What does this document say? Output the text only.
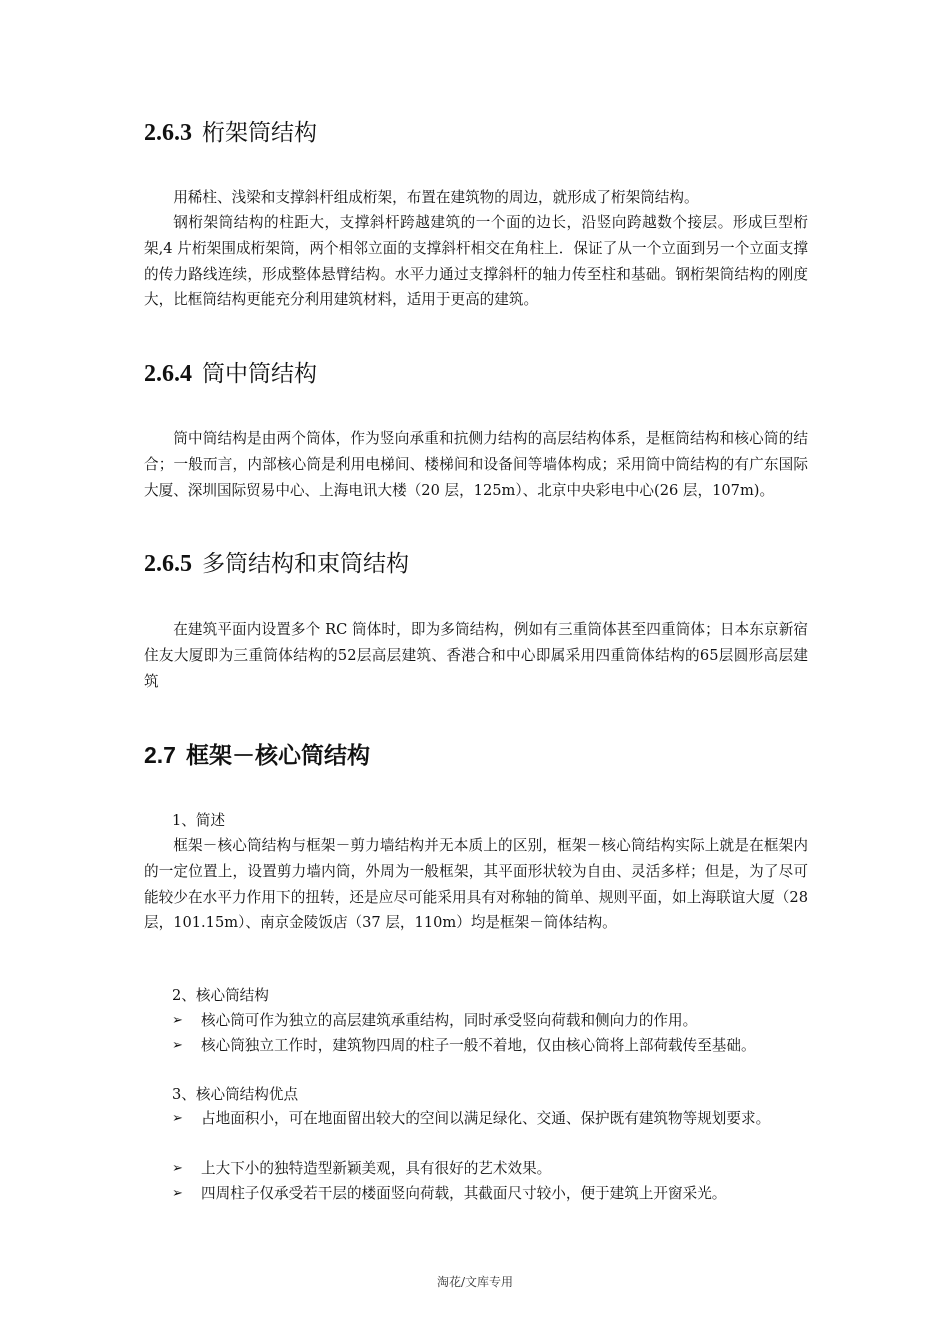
2.6.3 桁架筒结构

用稀柱、浅梁和支撑斜杆组成桁架，布置在建筑物的周边，就形成了桁架筒结构。

钢桁架筒结构的柱距大，支撑斜杆跨越建筑的一个面的边长，沿竖向跨越数个接层。形成巨型桁架,4 片桁架围成桁架筒，两个相邻立面的支撑斜杆相交在角柱上．保证了从一个立面到另一个立面支撑的传力路线连续，形成整体悬臂结构。水平力通过支撑斜杆的轴力传至柱和基础。钢桁架筒结构的刚度大，比框筒结构更能充分利用建筑材料，适用于更高的建筑。

2.6.4 筒中筒结构

筒中筒结构是由两个筒体，作为竖向承重和抗侧力结构的高层结构体系，是框筒结构和核心筒的结合；一般而言，内部核心筒是利用电梯间、楼梯间和设备间等墙体构成；采用筒中筒结构的有广东国际大厦、深圳国际贸易中心、上海电讯大楼（20 层，125m）、北京中央彩电中心(26 层，107m)。

2.6.5 多筒结构和束筒结构

在建筑平面内设置多个 RC 筒体时，即为多筒结构，例如有三重筒体甚至四重筒体；日本东京新宿住友大厦即为三重筒体结构的52层高层建筑、香港合和中心即属采用四重筒体结构的65层圆形高层建筑

2.7 框架－核心筒结构

1、简述

框架－核心筒结构与框架－剪力墙结构并无本质上的区别，框架－核心筒结构实际上就是在框架内的一定位置上，设置剪力墙内筒，外周为一般框架，其平面形状较为自由、灵活多样；但是，为了尽可能较少在水平力作用下的扭转，还是应尽可能采用具有对称轴的简单、规则平面，如上海联谊大厦（28 层，101.15m）、南京金陵饭店（37 层，110m）均是框架－筒体结构。

2、核心筒结构

➢	核心筒可作为独立的高层建筑承重结构，同时承受竖向荷载和侧向力的作用。
➢	核心筒独立工作时，建筑物四周的柱子一般不着地，仅由核心筒将上部荷载传至基础。

3、核心筒结构优点

➢	占地面积小，可在地面留出较大的空间以满足绿化、交通、保护既有建筑物等规划要求。
➢	上大下小的独特造型新颖美观，具有很好的艺术效果。
➢	四周柱子仅承受若干层的楼面竖向荷载，其截面尺寸较小，便于建筑上开窗采光。

淘花/文库专用
